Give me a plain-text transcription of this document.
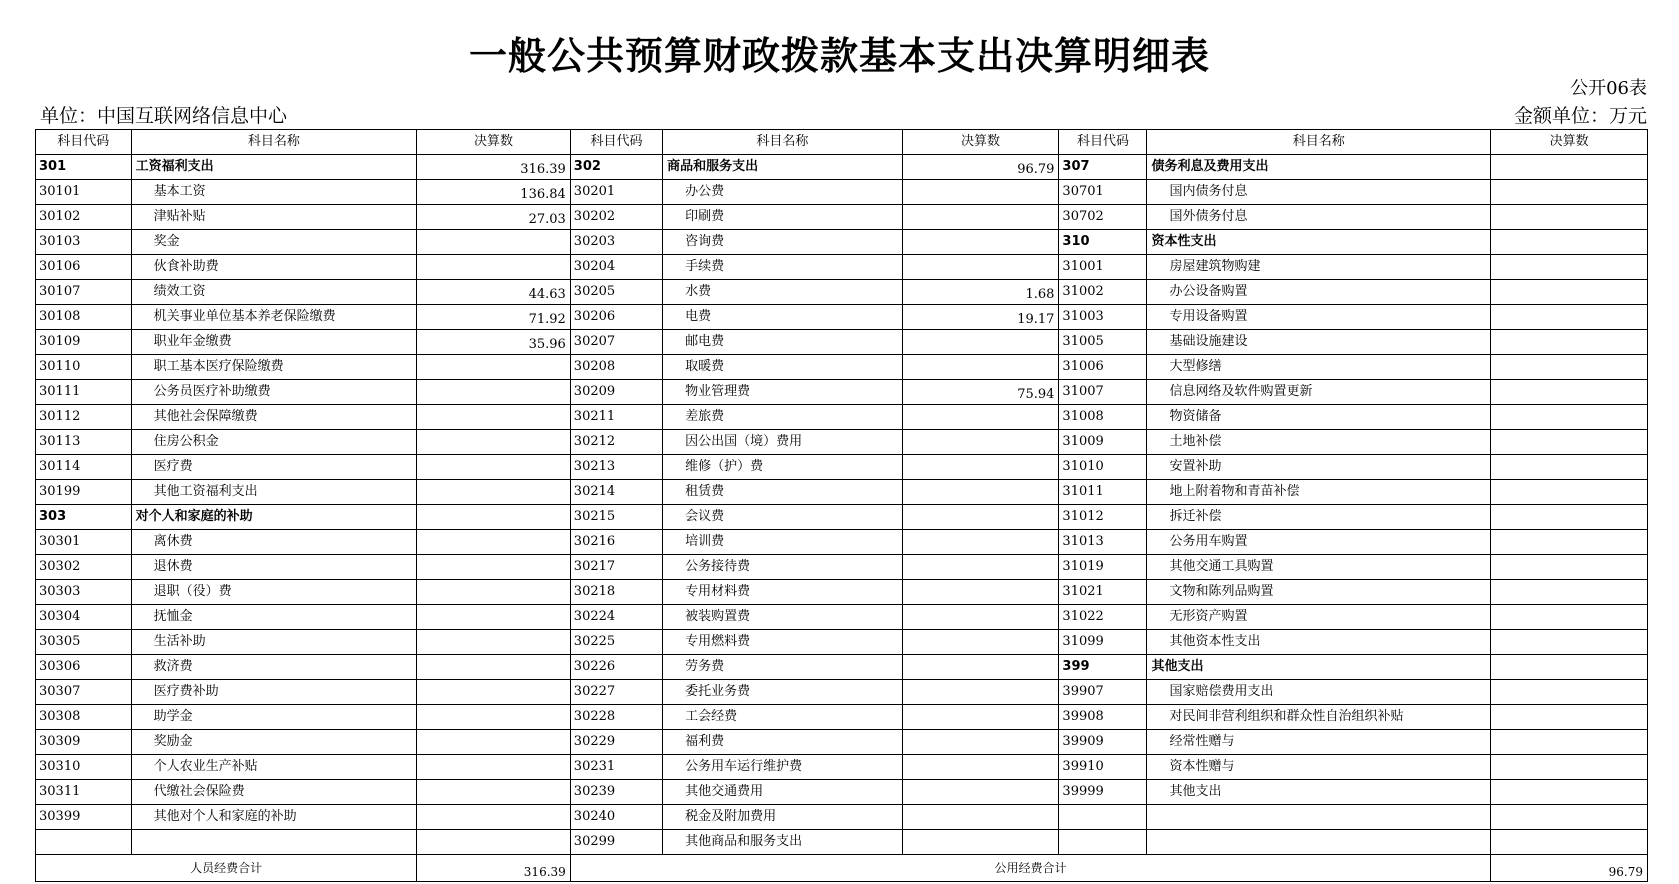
一般公共预算财政拨款基本支出决算明细表
公开06表
单位：中国互联网络信息中心	金额单位：万元
科目代码	科目名称	决算数	科目代码	科目名称	决算数	科目代码	科目名称	决算数
301	工资福利支出	316.39	302	商品和服务支出	96.79	307	债务利息及费用支出	
30101	基本工资	136.84	30201	办公费		30701	国内债务付息	
30102	津贴补贴	27.03	30202	印刷费		30702	国外债务付息	
30103	奖金		30203	咨询费		310	资本性支出	
30106	伙食补助费		30204	手续费		31001	房屋建筑物购建	
30107	绩效工资	44.63	30205	水费	1.68	31002	办公设备购置	
30108	机关事业单位基本养老保险缴费	71.92	30206	电费	19.17	31003	专用设备购置	
30109	职业年金缴费	35.96	30207	邮电费		31005	基础设施建设	
30110	职工基本医疗保险缴费		30208	取暖费		31006	大型修缮	
30111	公务员医疗补助缴费		30209	物业管理费	75.94	31007	信息网络及软件购置更新	
30112	其他社会保障缴费		30211	差旅费		31008	物资储备	
30113	住房公积金		30212	因公出国（境）费用		31009	土地补偿	
30114	医疗费		30213	维修（护）费		31010	安置补助	
30199	其他工资福利支出		30214	租赁费		31011	地上附着物和青苗补偿	
303	对个人和家庭的补助		30215	会议费		31012	拆迁补偿	
30301	离休费		30216	培训费		31013	公务用车购置	
30302	退休费		30217	公务接待费		31019	其他交通工具购置	
30303	退职（役）费		30218	专用材料费		31021	文物和陈列品购置	
30304	抚恤金		30224	被装购置费		31022	无形资产购置	
30305	生活补助		30225	专用燃料费		31099	其他资本性支出	
30306	救济费		30226	劳务费		399	其他支出	
30307	医疗费补助		30227	委托业务费		39907	国家赔偿费用支出	
30308	助学金		30228	工会经费		39908	对民间非营利组织和群众性自治组织补贴	
30309	奖励金		30229	福利费		39909	经常性赠与	
30310	个人农业生产补贴		30231	公务用车运行维护费		39910	资本性赠与	
30311	代缴社会保险费		30239	其他交通费用		39999	其他支出	
30399	其他对个人和家庭的补助		30240	税金及附加费用				
			30299	其他商品和服务支出				
人员经费合计		316.39	公用经费合计					96.79
